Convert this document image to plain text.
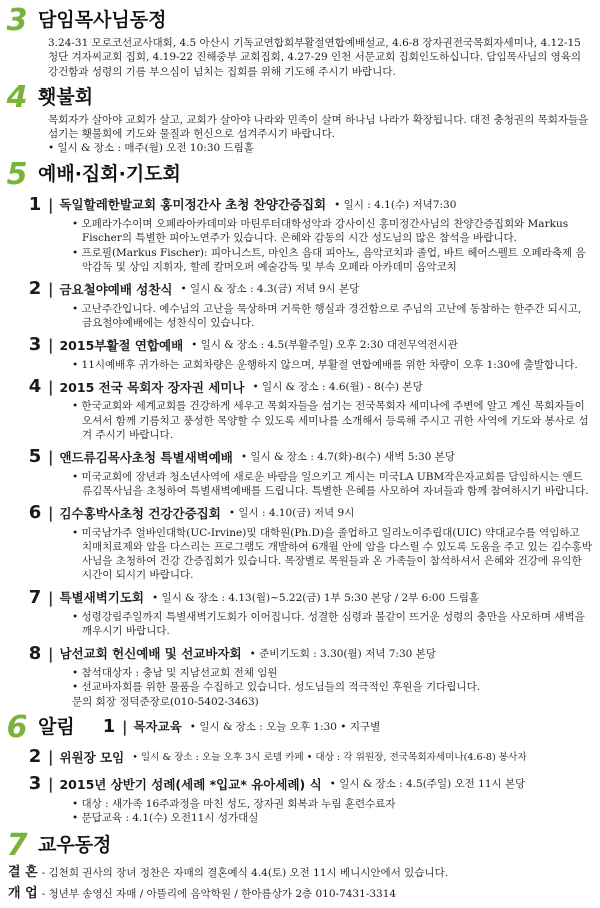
3 담임목사님동정

3.24-31 모로코선교사대회, 4.5 아산시 기독교연합회부활절연합예배설교, 4.6-8 장자권전국목회자세미나, 4.12-15 청단 겨자씨교회 집회, 4.19-22 진해중부 교회집회, 4.27-29 인천 서문교회 집회인도하십니다. 담임목사님의 영육의 강건함과 성령의 기름 부으심이 넘치는 집회를 위해 기도해 주시기 바랍니다.

4 횃불회

목회자가 살아야 교회가 살고, 교회가 살아야 나라와 민족이 살며 하나님 나라가 확장됩니다. 대전 충청권의 목회자들을 섬기는 횃불회에 기도와 물질과 헌신으로 섬겨주시기 바랍니다.

• 일시 & 장소 : 매주(월) 오전 10:30 드림홀

5 예배·집회·기도회
1 | 독일할레한발교회 홍미정간사 초청 찬양간증집회 • 일시 : 4.1(수) 저녁7:30

• 오페라가수이며 오페라아카데미와 마틴루터대학성악과 강사이신 홍미정간사님의 찬양간증집회와 Markus Fischer의 특별한 피아노연주가 있습니다. 은혜와 감동의 시간 성도님의 많은 참석을 바랍니다.

• 프로필(Markus Fischer): 피아니스트, 마인츠 음대 피아노, 음악코치과 졸업, 바트 헤어스펠트 오페라축제 음악감독 및 상임 지휘자, 할레 칼머오퍼 예술감독 및 부속 오페라 아카데미 음악코치

2 | 금요철야예배 성찬식 • 일시 & 장소 : 4.3(금) 저녁 9시 본당

• 고난주간입니다. 예수님의 고난을 묵상하며 거룩한 행실과 경건함으로 주님의 고난에 동참하는 한주간 되시고, 금요철야예배에는 성찬식이 있습니다.

3 | 2015부활절 연합예배 • 일시 & 장소 : 4.5(부활주일) 오후 2:30 대전무역전시관

• 11시예배후 귀가하는 교회차량은 운행하지 않으며, 부활절 연합예배를 위한 차량이 오후 1:30에 출발합니다.

4 | 2015 전국 목회자 장자권 세미나 • 일시 & 장소 : 4.6(월) - 8(수) 본당

• 한국교회와 세계교회를 건강하게 세우고 목회자들을 섬기는 전국목회자 세미나에 주변에 알고 계신 목회자들이 오셔서 함께 기름치고 풍성한 목양할 수 있도록 세미나를 소개해서 등록해 주시고 귀한 사역에 기도와 봉사로 섬겨 주시기 바랍니다.

5 | 앤드류김목사초청 특별새벽예배 • 일시 & 장소 : 4.7(화)-8(수) 새벽 5:30 본당

• 미국교회에 장년과 청소년사역에 새로운 바람을 일으키고 계시는 미국LA UBM작은자교회를 담임하시는 앤드류김목사님을 초청하여 특별새벽예배를 드립니다. 특별한 은혜를 사모하여 자녀들과 함께 참여하시기 바랍니다.

6 | 김수홍박사초청 건강간증집회 • 일시 : 4.10(금) 저녁 9시

• 미국남가주 얼바인대학(UC-Irvine)및 대학원(Ph.D)을 졸업하고 일리노이주립대(UIC) 약대교수를 역임하고 치매치료제와 암을 다스리는 프로그램도 개발하여 6개월 안에 암을 다스릴 수 있도록 도움을 주고 있는 김수홍박사님을 초청하여 건강 간증집회가 있습니다. 목장별로 목원들과 온 가족들이 참석하셔서 은혜와 건강에 유익한 시간이 되시기 바랍니다.

7 | 특별새벽기도회 • 일시 & 장소 : 4.13(월)~5.22(금) 1부 5:30 본당 / 2부 6:00 드림홀

• 성령강림주일까지 특별새벽기도회가 이어집니다. 성결한 심령과 불같이 뜨거운 성령의 충만을 사모하며 새벽을 깨우시기 바랍니다.

8 | 남선교회 헌신예배 및 선교바자회 • 준비기도회 : 3.30(월) 저녁 7:30 본당

• 참석대상자 : 충남 및 지남선교회 전체 임원

• 선교바자회를 위한 물품을 수집하고 있습니다. 성도님들의 적극적인 후원을 기다립니다.

문의 회장 정덕준장로(010-5402-3463)

6 알림 1 | 목자교육 • 일시 & 장소 : 오늘 오후 1:30 • 지구별
2 | 위원장 모임 • 일시 & 장소 : 오늘 오후 3시 로뎀 카페 • 대상 : 각 위원장, 전국목회자세미나(4.6-8) 봉사자
3 | 2015년 상반기 성례(세례 *입교* 유아세례) 식 • 일시 & 장소 : 4.5(주일) 오전 11시 본당

• 대상 : 새가족 16주과정을 마친 성도, 장자권 회복과 누림 훈련수료자

• 문답교육 : 4.1(수) 오전11시 성가대실

7 교우동정
결 혼 - 김천희 권사의 장녀 정찬은 자매의 결혼예식 4.4(토) 오전 11시 베니시안에서 있습니다.
개 업 - 청년부 송영신 자매 / 아뜰리에 음악학원 / 한아름상가 2층 010-7431-3314
